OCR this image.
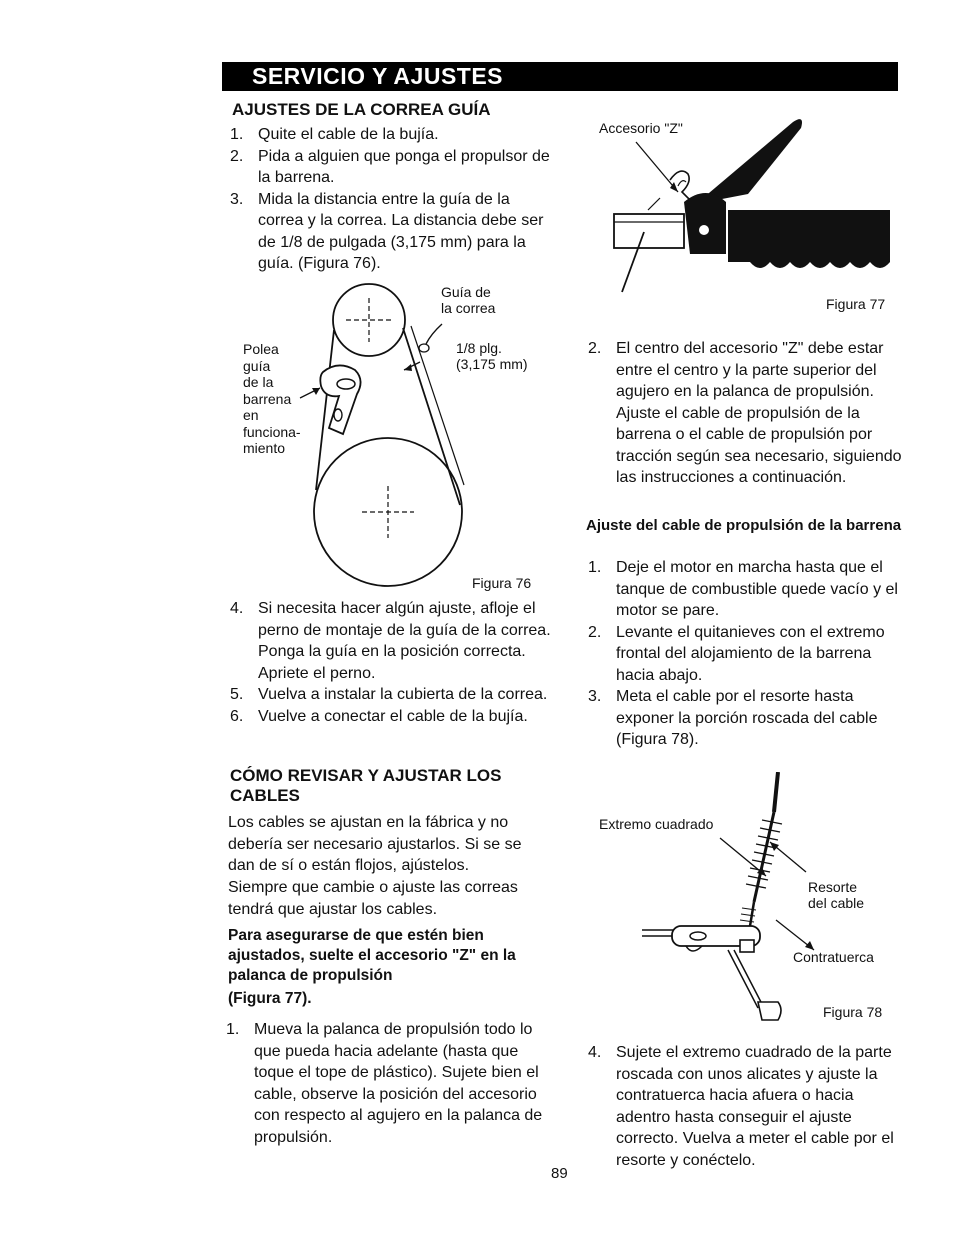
SERVICIO Y AJUSTES
AJUSTES DE LA CORREA GUÍA
1. Quite el cable de la bujía.
2. Pida a alguien que ponga el propulsor de la barrena.
3. Mida la distancia entre la guía de la correa y la correa. La distancia debe ser de 1/8 de pulgada (3,175 mm) para la guía. (Figura 76).
Guía de
la correa
1/8 plg.
(3,175 mm)
Polea
guía
de la
barrena
en
funciona-
miento
Figura 76
4. Si necesita hacer algún ajuste, afloje el perno de montaje de la guía de la correa. Ponga la guía en la posición correcta. Apriete el perno.
5. Vuelva a instalar la cubierta de la correa.
6. Vuelve a conectar el cable de la bujía.
CÓMO REVISAR Y AJUSTAR LOS CABLES

Los cables se ajustan en la fábrica y no debería ser necesario ajustarlos. Si se se dan de sí o están flojos, ajústelos.

Siempre que cambie o ajuste las correas tendrá que ajustar los cables.

Para asegurarse de que estén bien ajustados, suelte el accesorio "Z" en la palanca de propulsión

(Figura 77).

1. Mueva la palanca de propulsión todo lo que pueda hacia adelante (hasta que toque el tope de plástico). Sujete bien el cable, observe la posición del accesorio con respecto al agujero en la palanca de propulsión.
Accesorio "Z"
Figura 77
2. El centro del accesorio "Z" debe estar entre el centro y la parte superior del agujero en la palanca de propulsión. Ajuste el cable de propulsión de la barrena o el cable de propulsión por tracción según sea necesario, siguiendo las instrucciones a continuación.
Ajuste del cable de propulsión de la barrena
1. Deje el motor en marcha hasta que el tanque de combustible quede vacío y el motor se pare.
2. Levante el quitanieves con el extremo frontal del alojamiento de la barrena hacia abajo.
3. Meta el cable por el resorte hasta exponer la porción roscada del cable (Figura 78).
Extremo cuadrado
Resorte
del cable
Contratuerca
Figura 78
4. Sujete el extremo cuadrado de la parte roscada con unos alicates y ajuste la contratuerca hacia afuera o hacia adentro hasta conseguir el ajuste correcto. Vuelva a meter el cable por el resorte y conéctelo.
89
